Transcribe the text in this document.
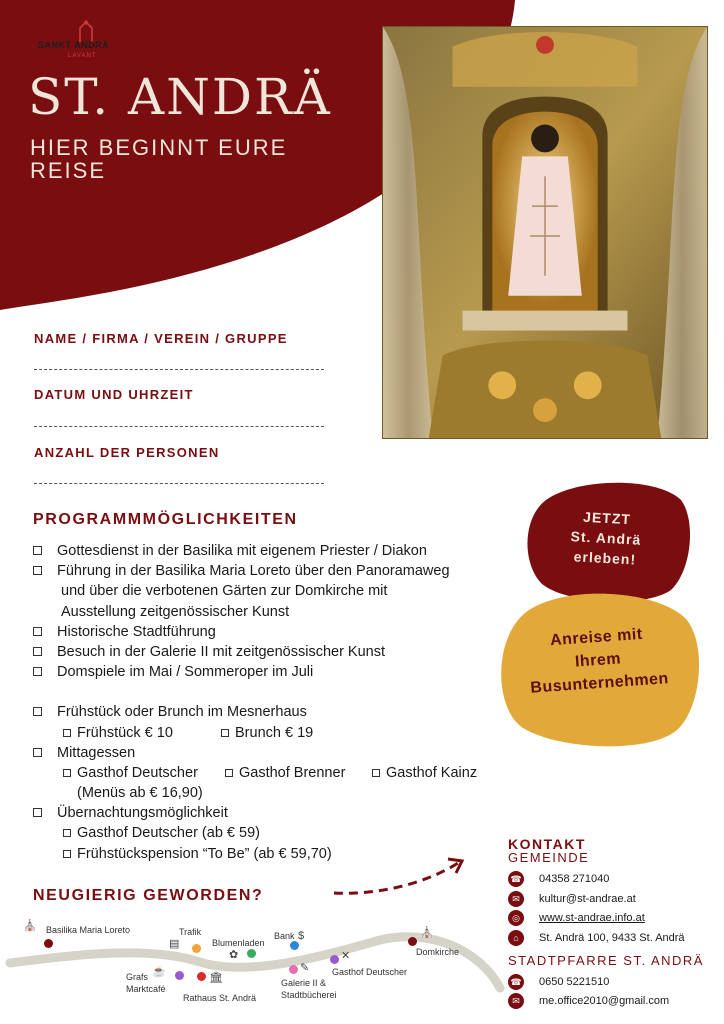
SANKT ANDRÄ
LAVANT
ST. ANDRÄ
HIER BEGINNT EURE REISE
NAME / FIRMA / VEREIN / GRUPPE
DATUM UND UHRZEIT
ANZAHL DER PERSONEN
PROGRAMMMÖGLICHKEITEN
Gottesdienst in der Basilika mit eigenem Priester / Diakon
Führung in der Basilika Maria Loreto über den Panoramaweg
und über die verbotenen Gärten zur Domkirche mit
Ausstellung zeitgenössischer Kunst
Historische Stadtführung
Besuch in der Galerie II mit zeitgenössischer Kunst
Domspiele im Mai / Sommeroper im Juli
Frühstück oder Brunch im Mesnerhaus
Frühstück € 10	Brunch € 19
Mittagessen
Gasthof Deutscher	Gasthof Brenner	Gasthof Kainz
(Menüs ab € 16,90)
Übernachtungsmöglichkeit
Gasthof Deutscher (ab € 59)
Frühstückspension “To Be” (ab € 59,70)
JETZT
St. Andrä
erleben!
Anreise mit
Ihrem
Busunternehmen
NEUGIERIG GEWORDEN?
KONTAKT
GEMEINDE
☎ 04358 271040
✉	kultur@st-andrae.at
◎	www.st-andrae.info.at
⌂	St. Andrä 100, 9433 St. Andrä
STADTPFARRE ST. ANDRÄ
☎ 0650 5221510
✉	me.office2010@gmail.com
⛪ Basilika Maria Loreto	Trafik
▤	Blumenladen
✿
Bank $	⛪
Domkirche
☕
Grafs
Marktcafé
🏛
Rathaus St. Andrä
✎
Galerie II &
Stadtbücherei
✕
Gasthof Deutscher
